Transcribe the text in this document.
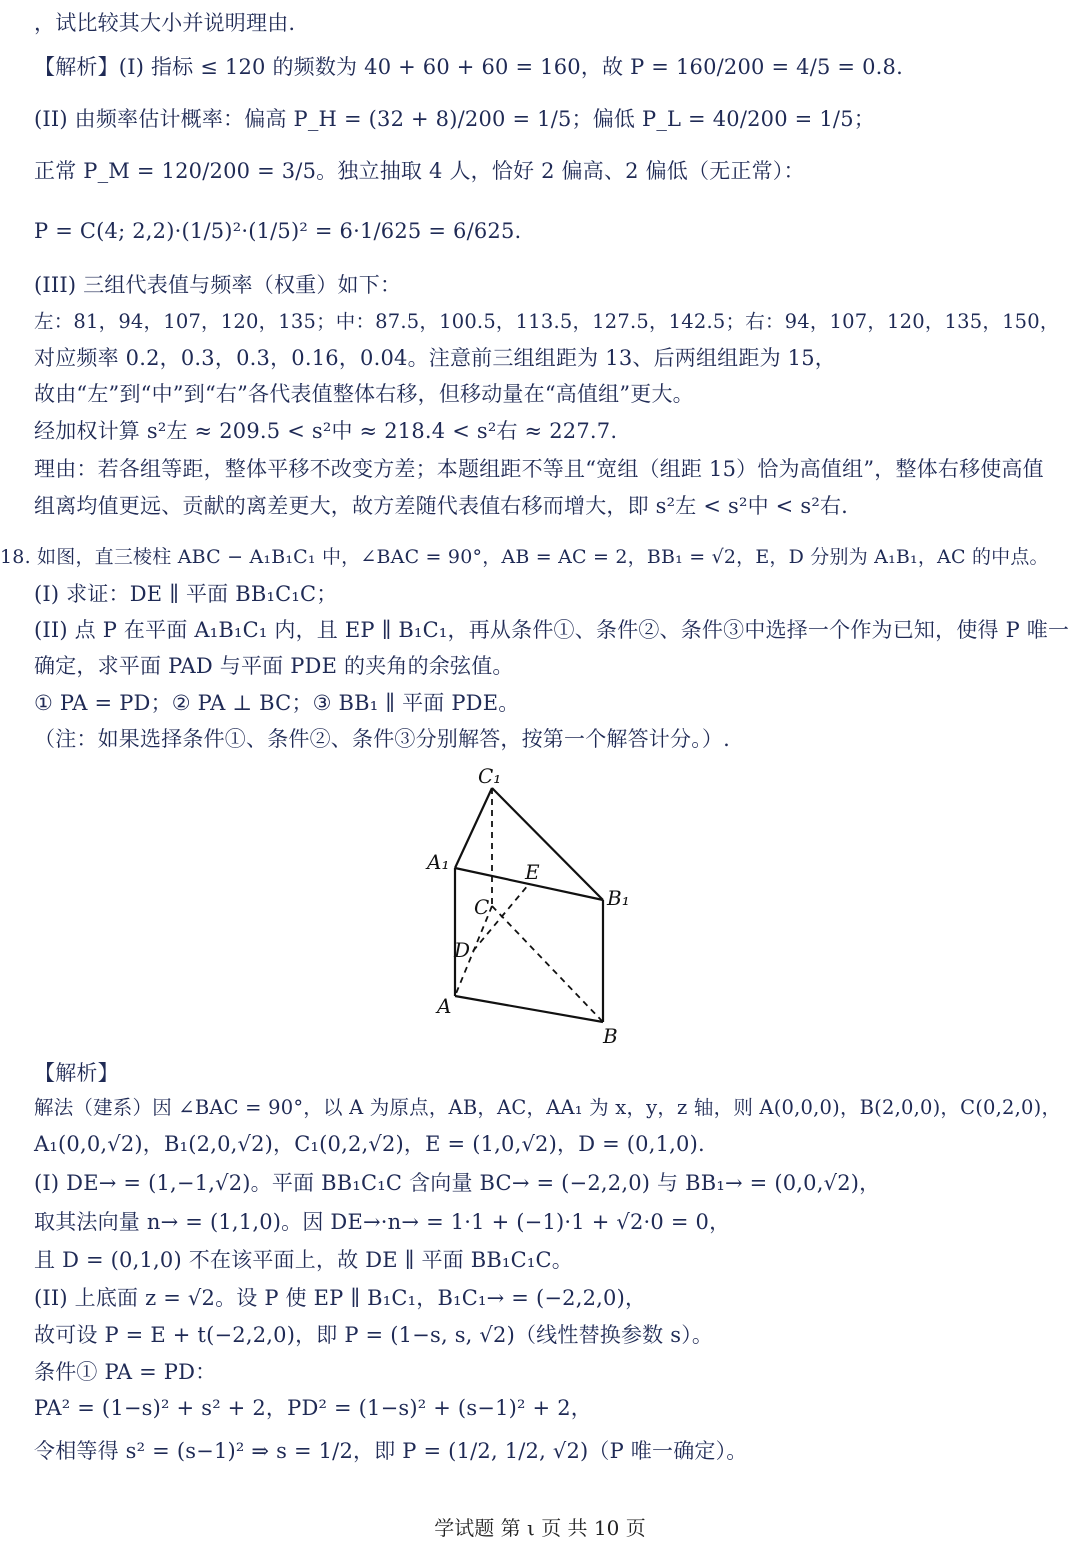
，试比较其大小并说明理由.
【解析】(I) 指标 ≤ 120 的频数为 40 + 60 + 60 = 160，故 P = 160/200 = 4/5 = 0.8.
(II) 由频率估计概率：偏高 P_H = (32 + 8)/200 = 1/5；偏低 P_L = 40/200 = 1/5；
正常 P_M = 120/200 = 3/5。独立抽取 4 人，恰好 2 偏高、2 偏低（无正常）：
P = C(4; 2,2)·(1/5)²·(1/5)² = 6·1/625 = 6/625.
(III) 三组代表值与频率（权重）如下：
左：81，94，107，120，135；中：87.5，100.5，113.5，127.5，142.5；右：94，107，120，135，150，
对应频率 0.2，0.3，0.3，0.16，0.04。注意前三组组距为 13、后两组组距为 15，
故由“左”到“中”到“右”各代表值整体右移，但移动量在“高值组”更大。
经加权计算 s²左 ≈ 209.5 < s²中 ≈ 218.4 < s²右 ≈ 227.7.
理由：若各组等距，整体平移不改变方差；本题组距不等且“宽组（组距 15）恰为高值组”，整体右移使高值
组离均值更远、贡献的离差更大，故方差随代表值右移而增大，即 s²左 < s²中 < s²右.
18. 如图，直三棱柱 ABC − A₁B₁C₁ 中，∠BAC = 90°，AB = AC = 2，BB₁ = √2，E，D 分别为 A₁B₁，AC 的中点。
(I) 求证：DE ∥ 平面 BB₁C₁C；
(II) 点 P 在平面 A₁B₁C₁ 内，且 EP ∥ B₁C₁，再从条件①、条件②、条件③中选择一个作为已知，使得 P 唯一
确定，求平面 PAD 与平面 PDE 的夹角的余弦值。
① PA = PD；② PA ⊥ BC；③ BB₁ ∥ 平面 PDE。
（注：如果选择条件①、条件②、条件③分别解答，按第一个解答计分。）.
【解析】
解法（建系）因 ∠BAC = 90°，以 A 为原点，AB，AC，AA₁ 为 x，y，z 轴，则 A(0,0,0)，B(2,0,0)，C(0,2,0)，
A₁(0,0,√2)，B₁(2,0,√2)，C₁(0,2,√2)，E = (1,0,√2)，D = (0,1,0).
(I) DE→ = (1,−1,√2)。平面 BB₁C₁C 含向量 BC→ = (−2,2,0) 与 BB₁→ = (0,0,√2)，
取其法向量 n→ = (1,1,0)。因 DE→·n→ = 1·1 + (−1)·1 + √2·0 = 0，
且 D = (0,1,0) 不在该平面上，故 DE ∥ 平面 BB₁C₁C。
(II) 上底面 z = √2。设 P 使 EP ∥ B₁C₁，B₁C₁→ = (−2,2,0)，
故可设 P = E + t(−2,2,0)，即 P = (1−s, s, √2)（线性替换参数 s）。
条件① PA = PD：
PA² = (1−s)² + s² + 2，PD² = (1−s)² + (s−1)² + 2，
令相等得 s² = (s−1)² ⇒ s = 1/2，即 P = (1/2, 1/2, √2)（P 唯一确定）。
C₁
A₁	E
B₁
C
D
A
B
学试题 第 ι 页 共 10 页
